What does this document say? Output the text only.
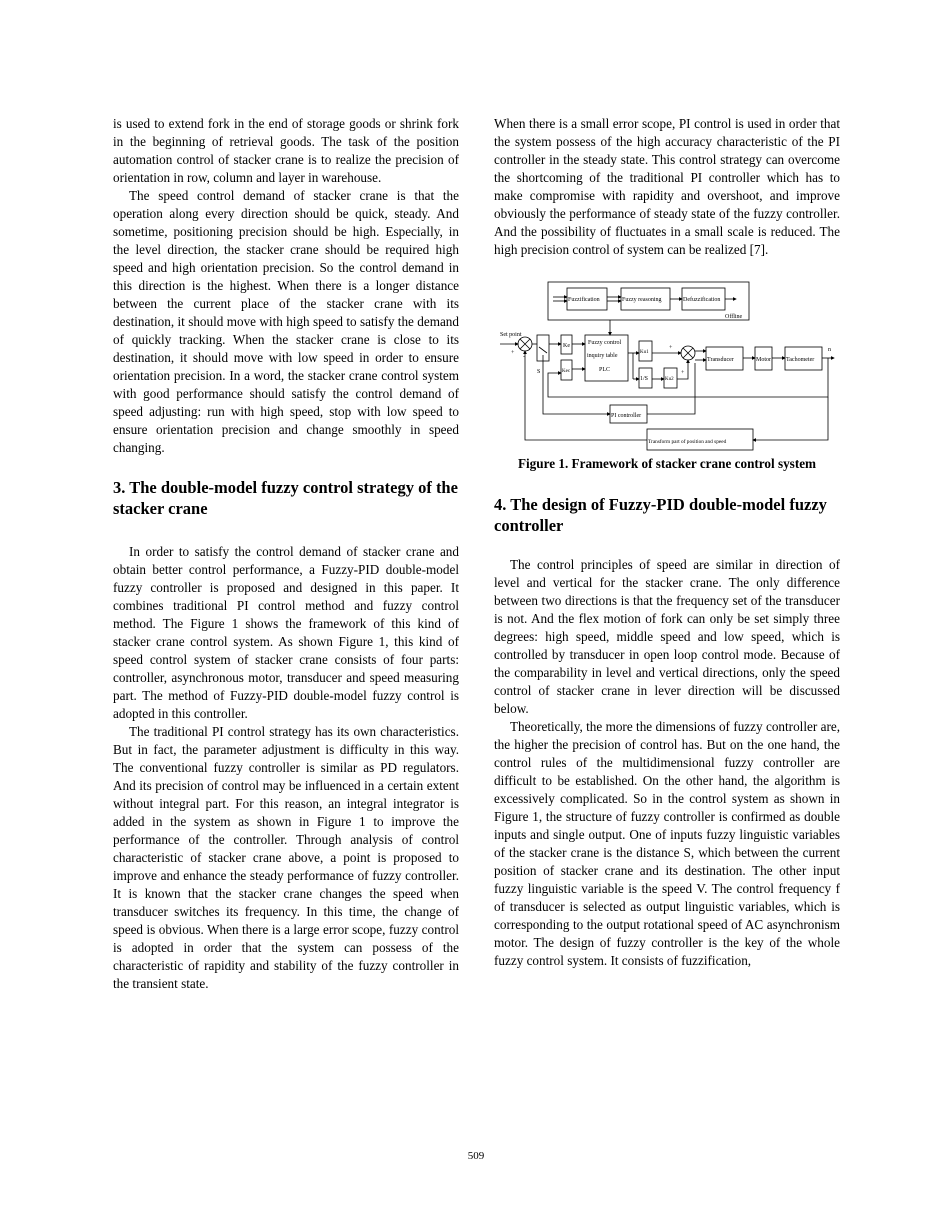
is used to extend fork in the end of storage goods or shrink fork in the beginning of retrieval goods. The task of the position automation control of stacker crane is to realize the precision of orientation in row, column and layer in warehouse.

The speed control demand of stacker crane is that the operation along every direction should be quick, steady. And sometime, positioning precision should be high. Especially, in the level direction, the stacker crane should be required high speed and high orientation precision. So the control demand in this direction is the highest. When there is a longer distance between the current place of the stacker crane with its destination, it should move with high speed to satisfy the demand of quickly tracking. When the stacker crane is close to its destination, it should move with low speed in order to ensure orientation precision. In a word, the stacker crane control system with good performance should satisfy the control demand of speed adjusting: run with high speed, stop with low speed to ensure orientation precision and change smoothly in speed changing.

3. The double-model fuzzy control strategy of the stacker crane

In order to satisfy the control demand of stacker crane and obtain better control performance, a Fuzzy-PID double-model fuzzy controller is proposed and designed in this paper. It combines traditional PI control method and fuzzy control method. The Figure 1 shows the framework of this kind of stacker crane control system. As shown Figure 1, this kind of speed control system of stacker crane consists of four parts: controller, asynchronous motor, transducer and speed measuring part. The method of Fuzzy-PID double-model fuzzy control is adopted in this controller.

The traditional PI control strategy has its own characteristics. But in fact, the parameter adjustment is difficulty in this way. The conventional fuzzy controller is similar as PD regulators. And its precision of control may be influenced in a certain extent without integral part. For this reason, an integral integrator is added in the system as shown in Figure 1 to improve the performance of the controller. Through analysis of control characteristic of stacker crane above, a point is proposed to improve and enhance the steady performance of fuzzy controller. It is known that the stacker crane changes the speed when transducer switches its frequency. In this time, the change of speed is obvious. When there is a large error scope, fuzzy control is adopted in order that the system can possess of the characteristic of rapidity and stability of the fuzzy controller in the transient state.

When there is a small error scope, PI control is used in order that the system possess of the high accuracy characteristic of the PI controller in the steady state. This control strategy can overcome the shortcoming of the traditional PI controller which has to make compromise with rapidity and overshoot, and improve obviously the performance of steady state of the fuzzy controller. And the possibility of fluctuates in a small scale is reduced. The high precision control of system can be realized [7].

Fuzzification	Fuzzy reasoning	Defuzzification
Offline
Set point
+
-
S
Ke
Kec
Fuzzy control
inquiry table
PLC
Ku1
1/S	Ku2
+
+
Transducer	Motor	Tachometer
n
PI controller
Transform part of position and speed
Figure 1. Framework of stacker crane control system
4. The design of Fuzzy-PID double-model fuzzy controller

The control principles of speed are similar in direction of level and vertical for the stacker crane. The only difference between two directions is that the frequency set of the transducer is not. And the flex motion of fork can only be set simply three degrees: high speed, middle speed and low speed, which is controlled by transducer in open loop control mode. Because of the comparability in level and vertical directions, only the speed control of stacker crane in lever direction will be discussed below.

Theoretically, the more the dimensions of fuzzy controller are, the higher the precision of control has. But on the one hand, the control rules of the multidimensional fuzzy controller are difficult to be established. On the other hand, the algorithm is excessively complicated. So in the control system as shown in Figure 1, the structure of fuzzy controller is confirmed as double inputs and single output. One of inputs fuzzy linguistic variables of the stacker crane is the distance S, which between the current position of stacker crane and its destination. The other input fuzzy linguistic variable is the speed V. The control frequency f of transducer is selected as output linguistic variables, which is corresponding to the output rotational speed of AC asynchronism motor. The design of fuzzy controller is the key of the whole fuzzy control system. It consists of fuzzification,

509
